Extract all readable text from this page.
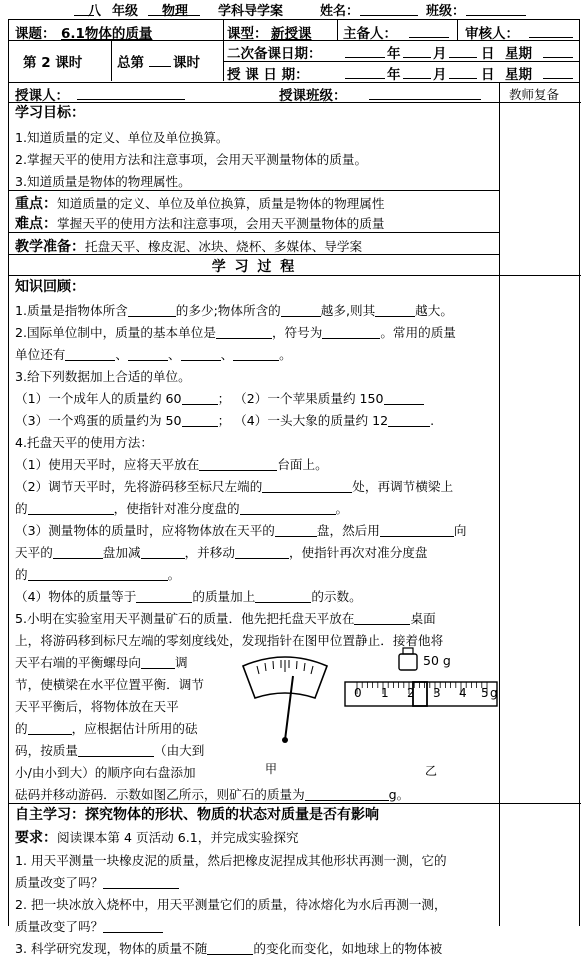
八 年级 物理 学科导学案	姓名：	班级：
课题： 6.1物体的质量	课型： 新授课 主备人：	审核人：
第 2 课时	总第 课时
二次备课日期：	年 月	日 星期
授 课 日 期：	年 月	日 星期
授课人：	授课班级：	教师复备
学习目标：
1.知道质量的定义、单位及单位换算。
2.掌握天平的使用方法和注意事项，会用天平测量物体的质量。
3.知道质量是物体的物理属性。
重点：知道质量的定义、单位及单位换算，质量是物体的物理属性
难点：掌握天平的使用方法和注意事项，会用天平测量物体的质量
教学准备：托盘天平、橡皮泥、冰块、烧杯、多媒体、导学案
学 习 过 程
知识回顾：
1.质量是指物体所含	的多少;物体所含的	越多,则其	越大。
2.国际单位制中，质量的基本单位是	，符号为	。常用的质量
单位还有	、	、	、	。
3.给下列数据加上合适的单位。
（1）一个成年人的质量约 60	； （2）一个苹果质量约 150
（3）一个鸡蛋的质量约为 50	； （4）一头大象的质量约 12	.
4.托盘天平的使用方法：
（1）使用天平时，应将天平放在	台面上。
（2）调节天平时，先将游码移至标尺左端的	处，再调节横梁上
的	，使指针对准分度盘的	。
（3）测量物体的质量时，应将物体放在天平的	盘，然后用	向
天平的	盘加减	，并移动	，使指针再次对准分度盘
的	。
（4）物体的质量等于	的质量加上	的示数。
5.小明在实验室用天平测量矿石的质量．他先把托盘天平放在	桌面
上，将游码移到标尺左端的零刻度线处，发现指针在图甲位置静止．接着他将
天平右端的平衡螺母向	调
节，使横梁在水平位置平衡．调节
天平平衡后，将物体放在天平
的	，应根据估计所用的砝
码，按质量	（由大到
小/由小到大）的顺序向右盘添加
砝码并移动游码．示数如图乙所示，则矿石的质量为	g。
甲
50 g
0 1 2 3 4 5 g
乙
自主学习：探究物体的形状、物质的状态对质量是否有影响
要求：阅读课本第 4 页活动 6.1，并完成实验探究
1. 用天平测量一块橡皮泥的质量，然后把橡皮泥捏成其他形状再测一测，它的
质量改变了吗？
2. 把一块冰放入烧杯中，用天平测量它们的质量，待冰熔化为水后再测一测，
质量改变了吗？
3. 科学研究发现，物体的质量不随	的变化而变化，如地球上的物体被
